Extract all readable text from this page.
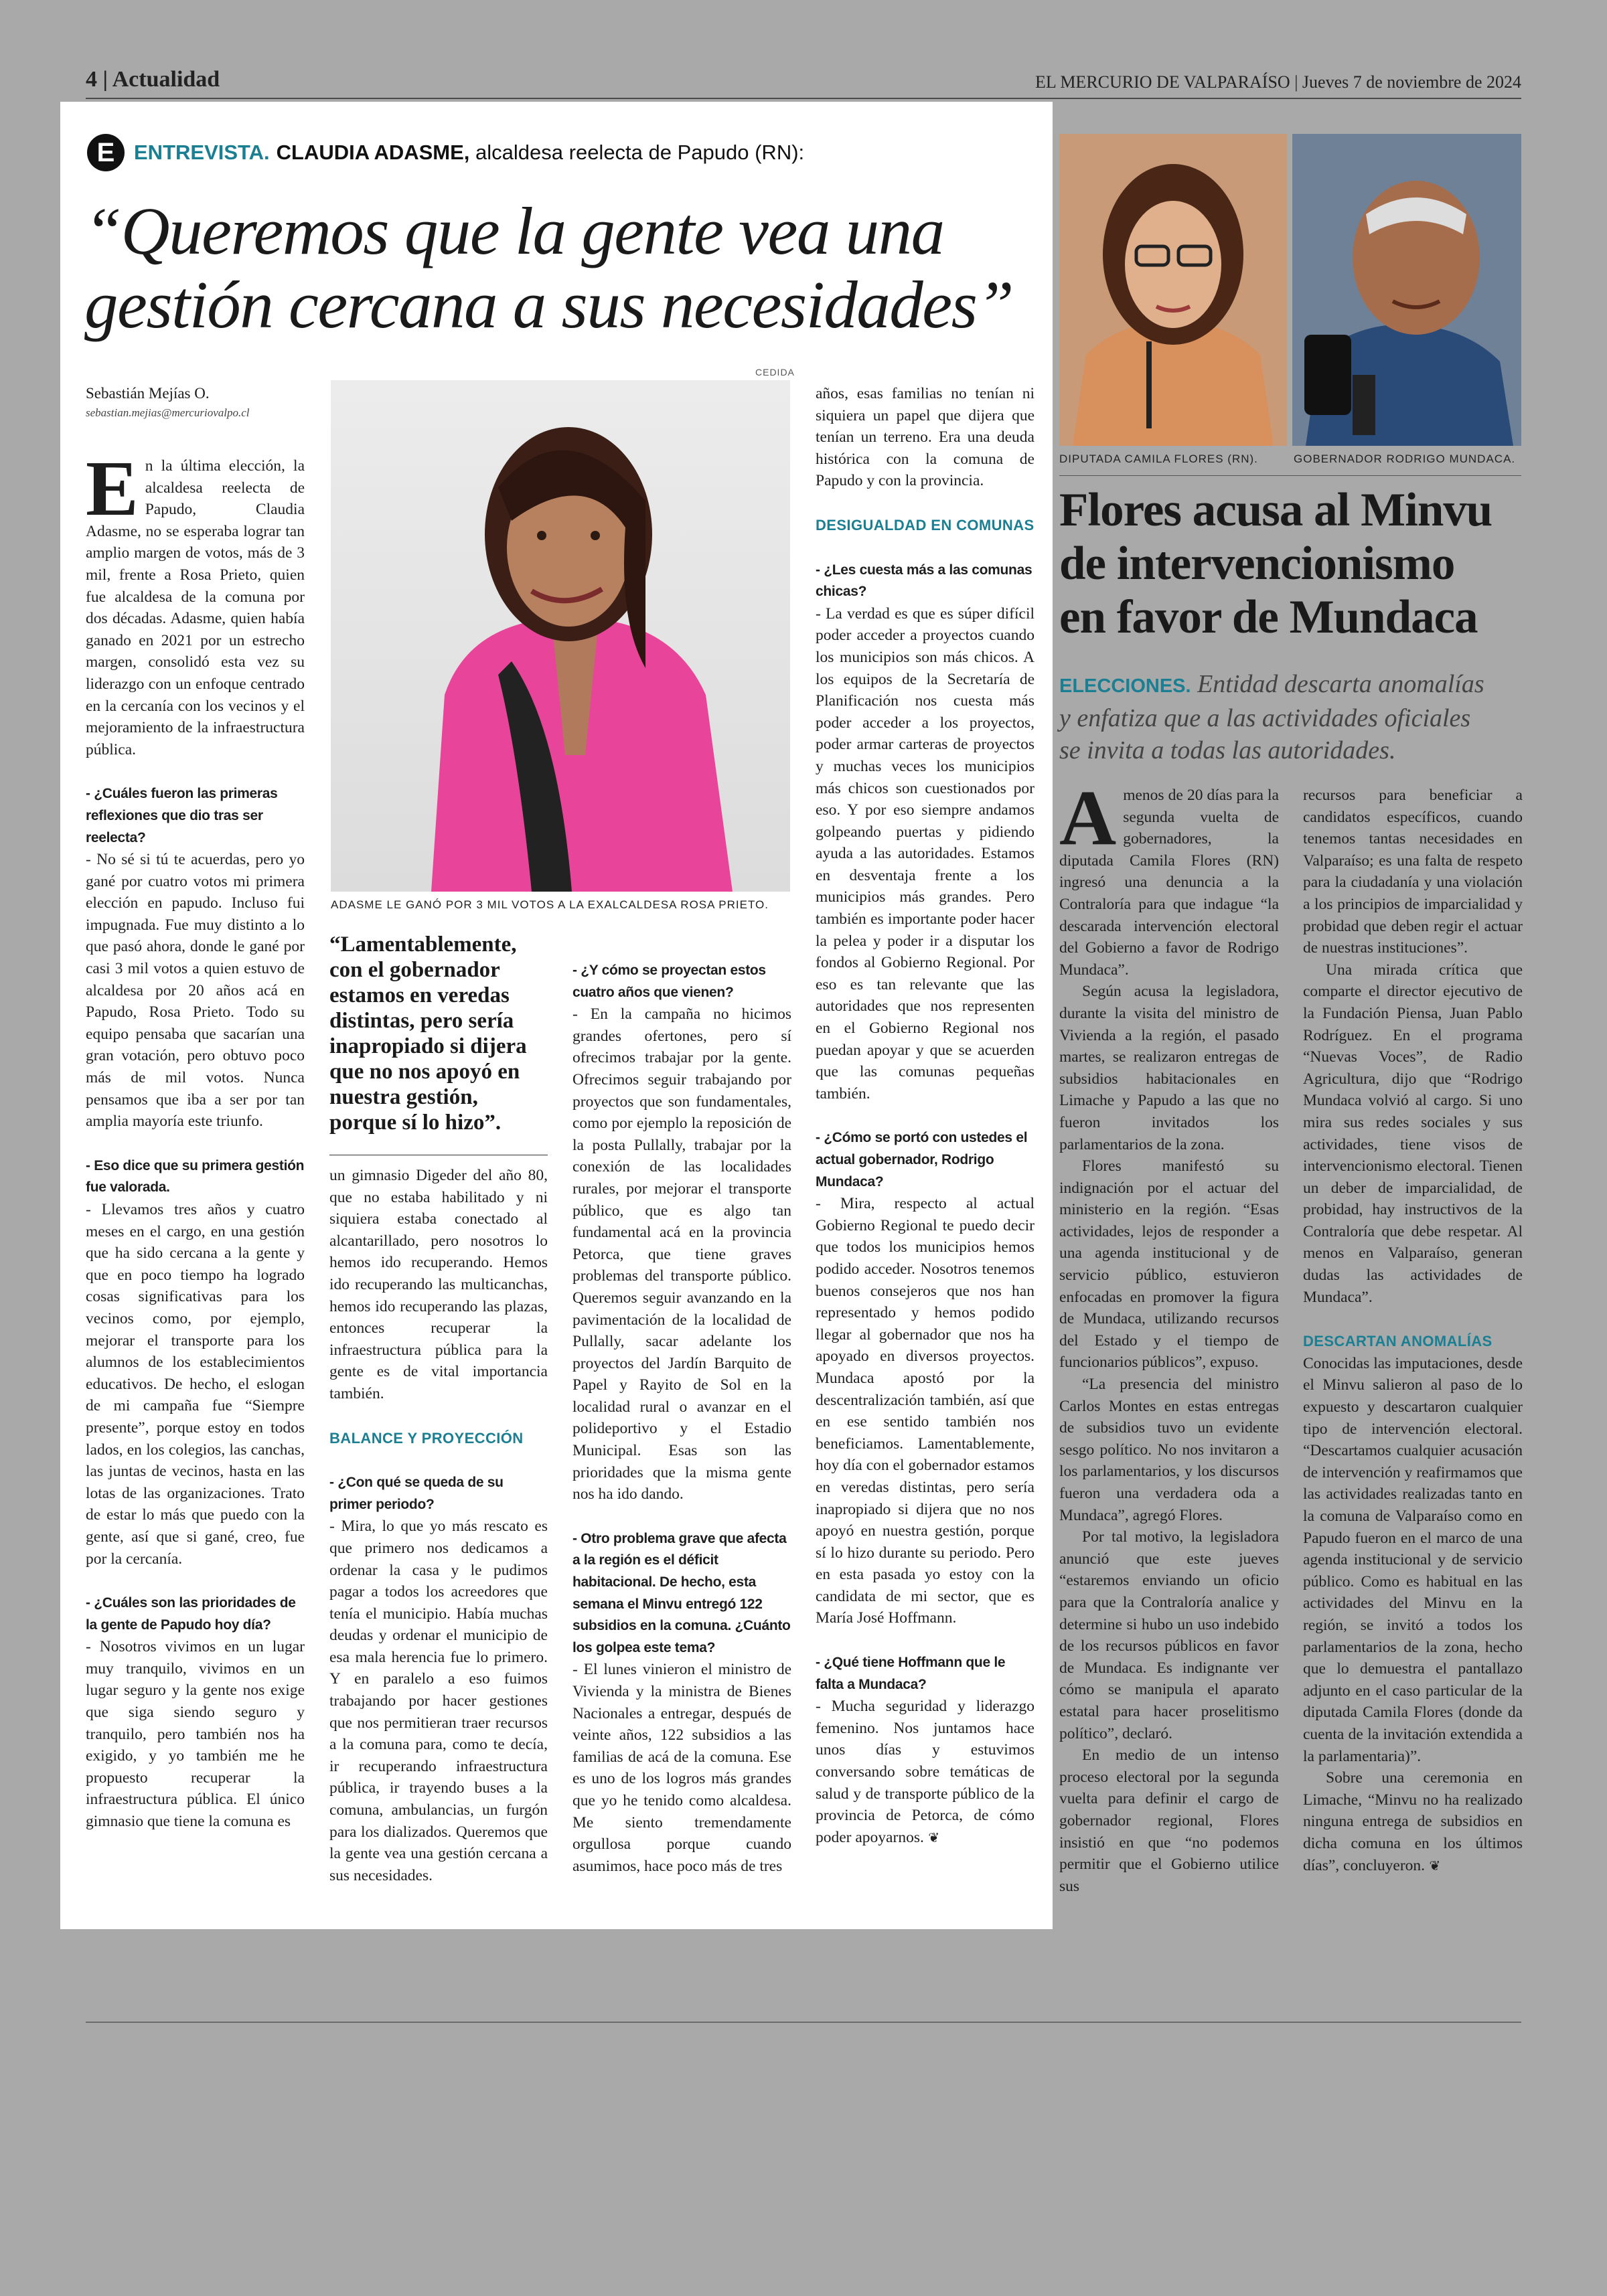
4 | Actualidad	EL MERCURIO DE VALPARAÍSO | Jueves 7 de noviembre de 2024
E ENTREVISTA. CLAUDIA ADASME, alcaldesa reelecta de Papudo (RN):
“Queremos que la gente vea una
gestión cercana a sus necesidades”
Sebastián Mejías O.
sebastian.mejias@mercuriovalpo.cl
CEDIDA
ADASME LE GANÓ POR 3 MIL VOTOS A LA EXALCALDESA ROSA PRIETO.

En la última elección, la alcaldesa reelecta de Papudo, Claudia Adasme, no se esperaba lograr tan amplio margen de votos, más de 3 mil, frente a Rosa Prieto, quien fue alcaldesa de la comuna por dos décadas. Adasme, quien había ganado en 2021 por un estrecho margen, consolidó esta vez su liderazgo con un enfoque centrado en la cercanía con los vecinos y el mejoramiento de la infraestructura pública.

- ¿Cuáles fueron las primeras reflexiones que dio tras ser reelecta?

- No sé si tú te acuerdas, pero yo gané por cuatro votos mi primera elección en papudo. Incluso fui impugnada. Fue muy distinto a lo que pasó ahora, donde le gané por casi 3 mil votos a quien estuvo de alcaldesa por 20 años acá en Papudo, Rosa Prieto. Todo su equipo pensaba que sacarían una gran votación, pero obtuvo poco más de mil votos. Nunca pensamos que iba a ser por tan amplia mayoría este triunfo.

- Eso dice que su primera gestión fue valorada.

- Llevamos tres años y cuatro meses en el cargo, en una gestión que ha sido cercana a la gente y que en poco tiempo ha logrado cosas significativas para los vecinos como, por ejemplo, mejorar el transporte para los alumnos de los establecimientos educativos. De hecho, el eslogan de mi campaña fue “Siempre presente”, porque estoy en todos lados, en los colegios, las canchas, las juntas de vecinos, hasta en las lotas de las organizaciones. Trato de estar lo más que puedo con la gente, así que si gané, creo, fue por la cercanía.

- ¿Cuáles son las prioridades de la gente de Papudo hoy día?

- Nosotros vivimos en un lugar muy tranquilo, vivimos en un lugar seguro y la gente nos exige que siga siendo seguro y tranquilo, pero también nos ha exigido, y yo también me he propuesto recuperar la infraestructura pública. El único gimnasio que tiene la comuna es

“Lamentablemente, con el gobernador estamos en veredas distintas, pero sería inapropiado si dijera que no nos apoyó en nuestra gestión, porque sí lo hizo”.

un gimnasio Digeder del año 80, que no estaba habilitado y ni siquiera estaba conectado al alcantarillado, pero nosotros lo hemos ido recuperando. Hemos ido recuperando las multicanchas, hemos ido recuperando las plazas, entonces recuperar la infraestructura pública para la gente es de vital importancia también.

BALANCE Y PROYECCIÓN

- ¿Con qué se queda de su primer periodo?

- Mira, lo que yo más rescato es que primero nos dedicamos a ordenar la casa y le pudimos pagar a todos los acreedores que tenía el municipio. Había muchas deudas y ordenar el municipio de esa mala herencia fue lo primero. Y en paralelo a eso fuimos trabajando por hacer gestiones que nos permitieran traer recursos a la comuna para, como te decía, ir recuperando infraestructura pública, ir trayendo buses a la comuna, ambulancias, un furgón para los dializados. Queremos que la gente vea una gestión cercana a sus necesidades.

- ¿Y cómo se proyectan estos cuatro años que vienen?

- En la campaña no hicimos grandes ofertones, pero sí ofrecimos trabajar por la gente. Ofrecimos seguir trabajando por proyectos que son fundamentales, como por ejemplo la reposición de la posta Pullally, trabajar por la conexión de las localidades rurales, por mejorar el transporte público, que es algo tan fundamental acá en la provincia Petorca, que tiene graves problemas del transporte público. Queremos seguir avanzando en la pavimentación de la localidad de Pullally, sacar adelante los proyectos del Jardín Barquito de Papel y Rayito de Sol en la localidad rural o avanzar en el polideportivo y el Estadio Municipal. Esas son las prioridades que la misma gente nos ha ido dando.

- Otro problema grave que afecta a la región es el déficit habitacional. De hecho, esta semana el Minvu entregó 122 subsidios en la comuna. ¿Cuánto los golpea este tema?

- El lunes vinieron el ministro de Vivienda y la ministra de Bienes Nacionales a entregar, después de veinte años, 122 subsidios a las familias de acá de la comuna. Ese es uno de los logros más grandes que yo he tenido como alcaldesa. Me siento tremendamente orgullosa porque cuando asumimos, hace poco más de tres

años, esas familias no tenían ni siquiera un papel que dijera que tenían un terreno. Era una deuda histórica con la comuna de Papudo y con la provincia.

DESIGUALDAD EN COMUNAS

- ¿Les cuesta más a las comunas chicas?

- La verdad es que es súper difícil poder acceder a proyectos cuando los municipios son más chicos. A los equipos de la Secretaría de Planificación nos cuesta más poder acceder a los proyectos, poder armar carteras de proyectos y muchas veces los municipios más chicos son cuestionados por eso. Y por eso siempre andamos golpeando puertas y pidiendo ayuda a las autoridades. Estamos en desventaja frente a los municipios más grandes. Pero también es importante poder hacer la pelea y poder ir a disputar los fondos al Gobierno Regional. Por eso es tan relevante que las autoridades que nos representen en el Gobierno Regional nos puedan apoyar y que se acuerden que las comunas pequeñas también.

- ¿Cómo se portó con ustedes el actual gobernador, Rodrigo Mundaca?

- Mira, respecto al actual Gobierno Regional te puedo decir que todos los municipios hemos podido acceder. Nosotros tenemos buenos consejeros que nos han representado y hemos podido llegar al gobernador que nos ha apoyado en diversos proyectos. Mundaca apostó por la descentralización también, así que en ese sentido también nos beneficiamos. Lamentablemente, hoy día con el gobernador estamos en veredas distintas, pero sería inapropiado si dijera que no nos apoyó en nuestra gestión, porque sí lo hizo durante su periodo. Pero en esta pasada yo estoy con la candidata de mi sector, que es María José Hoffmann.

- ¿Qué tiene Hoffmann que le falta a Mundaca?

- Mucha seguridad y liderazgo femenino. Nos juntamos hace unos días y estuvimos conversando sobre temáticas de salud y de transporte público de la provincia de Petorca, de cómo poder apoyarnos. ❦

DIPUTADA CAMILA FLORES (RN).	GOBERNADOR RODRIGO MUNDACA.
Flores acusa al Minvu
de intervencionismo
en favor de Mundaca
ELECCIONES. Entidad descarta anomalías
y enfatiza que a las actividades oficiales
se invita a todas las autoridades.

A menos de 20 días para la segunda vuelta de gobernadores, la diputada Camila Flores (RN) ingresó una denuncia a la Contraloría para que indague “la descarada intervención electoral del Gobierno a favor de Rodrigo Mundaca”.

Según acusa la legisladora, durante la visita del ministro de Vivienda a la región, el pasado martes, se realizaron entregas de subsidios habitacionales en Limache y Papudo a las que no fueron invitados los parlamentarios de la zona.

Flores manifestó su indignación por el actuar del ministerio en la región. “Esas actividades, lejos de responder a una agenda institucional y de servicio público, estuvieron enfocadas en promover la figura de Mundaca, utilizando recursos del Estado y el tiempo de funcionarios públicos”, expuso.

“La presencia del ministro Carlos Montes en estas entregas de subsidios tuvo un evidente sesgo político. No nos invitaron a los parlamentarios, y los discursos fueron una verdadera oda a Mundaca”, agregó Flores.

Por tal motivo, la legisladora anunció que este jueves “estaremos enviando un oficio para que la Contraloría analice y determine si hubo un uso indebido de los recursos públicos en favor de Mundaca. Es indignante ver cómo se manipula el aparato estatal para hacer proselitismo político”, declaró.

En medio de un intenso proceso electoral por la segunda vuelta para definir el cargo de gobernador regional, Flores insistió en que “no podemos permitir que el Gobierno utilice sus

recursos para beneficiar a candidatos específicos, cuando tenemos tantas necesidades en Valparaíso; es una falta de respeto para la ciudadanía y una violación a los principios de imparcialidad y probidad que deben regir el actuar de nuestras instituciones”.

Una mirada crítica que comparte el director ejecutivo de la Fundación Piensa, Juan Pablo Rodríguez. En el programa “Nuevas Voces”, de Radio Agricultura, dijo que “Rodrigo Mundaca volvió al cargo. Si uno mira sus redes sociales y sus actividades, tiene visos de intervencionismo electoral. Tienen un deber de imparcialidad, de probidad, hay instructivos de la Contraloría que debe respetar. Al menos en Valparaíso, generan dudas las actividades de Mundaca”.

DESCARTAN ANOMALÍAS

Conocidas las imputaciones, desde el Minvu salieron al paso de lo expuesto y descartaron cualquier tipo de intervención electoral. “Descartamos cualquier acusación de intervención y reafirmamos que las actividades realizadas tanto en la comuna de Valparaíso como en Papudo fueron en el marco de una agenda institucional y de servicio público. Como es habitual en las actividades del Minvu en la región, se invitó a todos los parlamentarios de la zona, hecho que lo demuestra el pantallazo adjunto en el caso particular de la diputada Camila Flores (donde da cuenta de la invitación extendida a la parlamentaria)”.

Sobre una ceremonia en Limache, “Minvu no ha realizado ninguna entrega de subsidios en dicha comuna en los últimos días”, concluyeron. ❦
